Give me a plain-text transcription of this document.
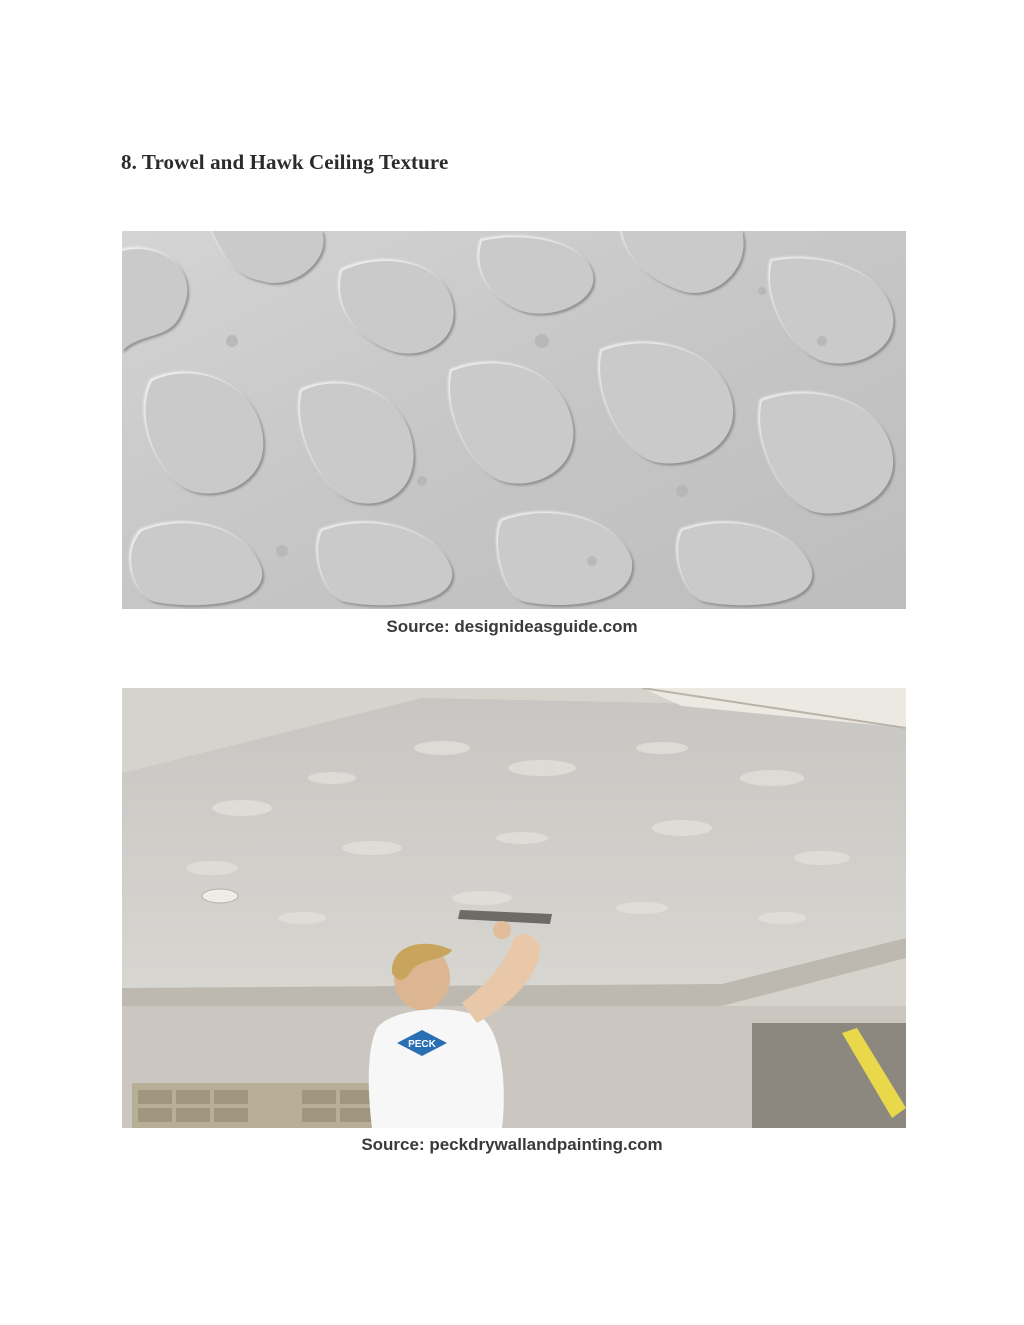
8. Trowel and Hawk Ceiling Texture

Source: designideasguide.com

PECK

Source: peckdrywallandpainting.com
